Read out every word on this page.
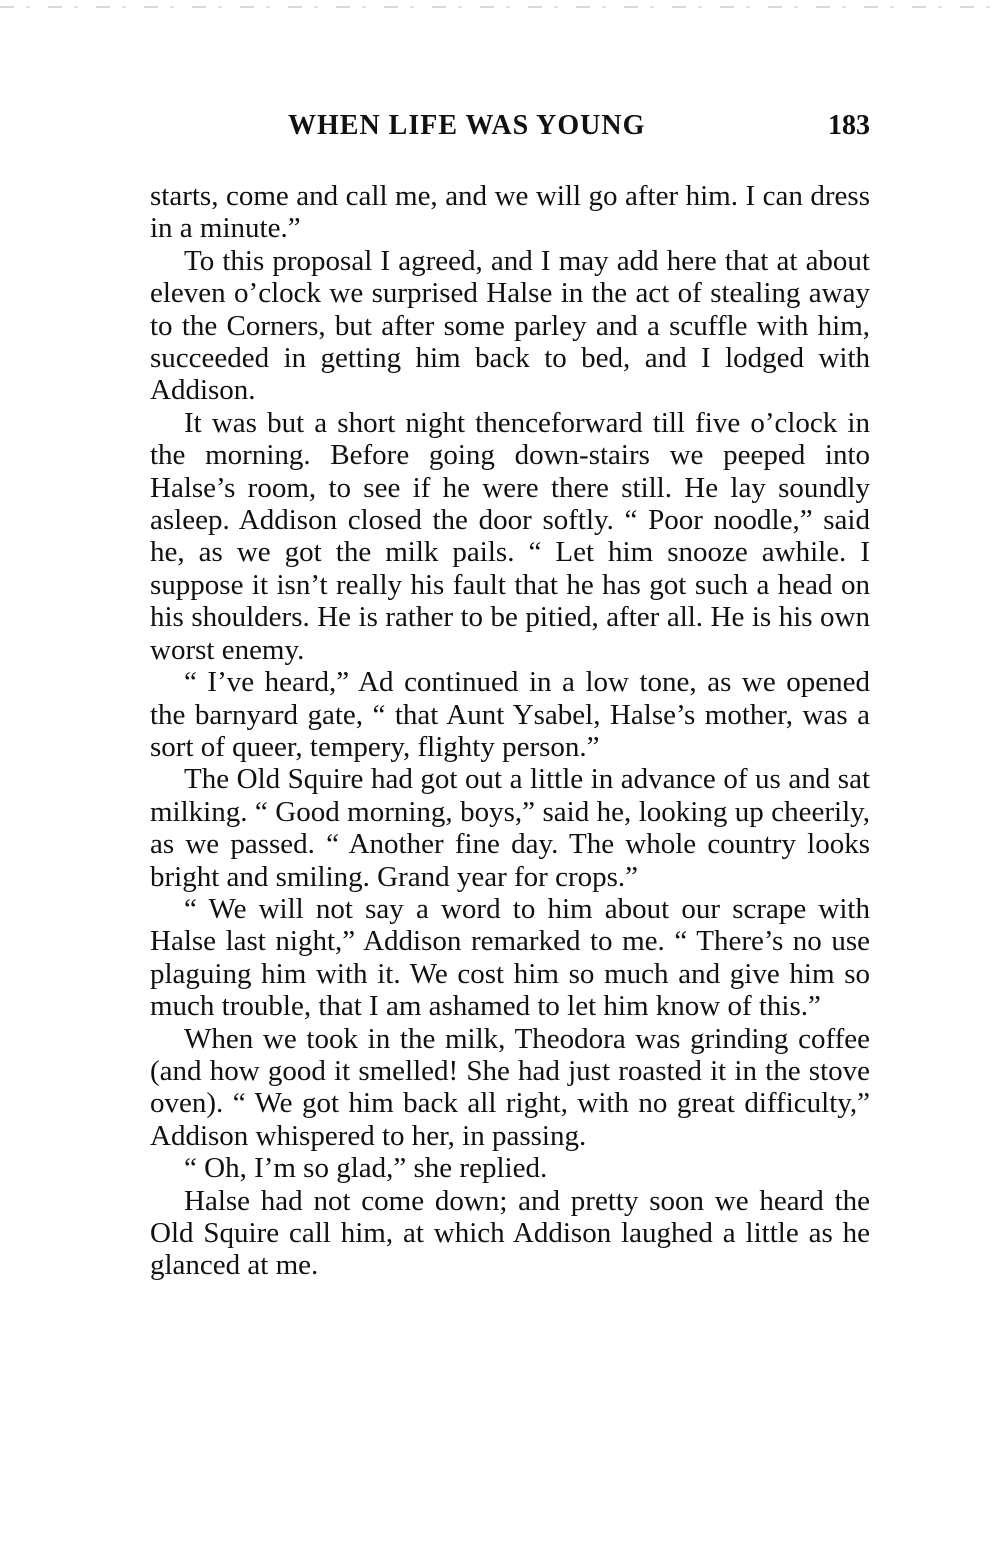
WHEN LIFE WAS YOUNG	183

starts, come and call me, and we will go after him. I can dress in a minute.”

To this proposal I agreed, and I may add here that at about eleven o’clock we surprised Halse in the act of stealing away to the Corners, but after some parley and a scuffle with him, succeeded in getting him back to bed, and I lodged with Addison.

It was but a short night thenceforward till five o’clock in the morning. Before going down-stairs we peeped into Halse’s room, to see if he were there still. He lay soundly asleep. Addison closed the door softly. “ Poor noodle,” said he, as we got the milk pails. “ Let him snooze awhile. I suppose it isn’t really his fault that he has got such a head on his shoulders. He is rather to be pitied, after all. He is his own worst enemy.

“ I’ve heard,” Ad continued in a low tone, as we opened the barnyard gate, “ that Aunt Ysabel, Halse’s mother, was a sort of queer, tempery, flighty person.”

The Old Squire had got out a little in advance of us and sat milking. “ Good morning, boys,” said he, looking up cheerily, as we passed. “ Another fine day. The whole country looks bright and smiling. Grand year for crops.”

“ We will not say a word to him about our scrape with Halse last night,” Addison remarked to me. “ There’s no use plaguing him with it. We cost him so much and give him so much trouble, that I am ashamed to let him know of this.”

When we took in the milk, Theodora was grinding coffee (and how good it smelled! She had just roasted it in the stove oven). “ We got him back all right, with no great difficulty,” Addison whispered to her, in passing.

“ Oh, I’m so glad,” she replied.

Halse had not come down; and pretty soon we heard the Old Squire call him, at which Addison laughed a little as he glanced at me.
